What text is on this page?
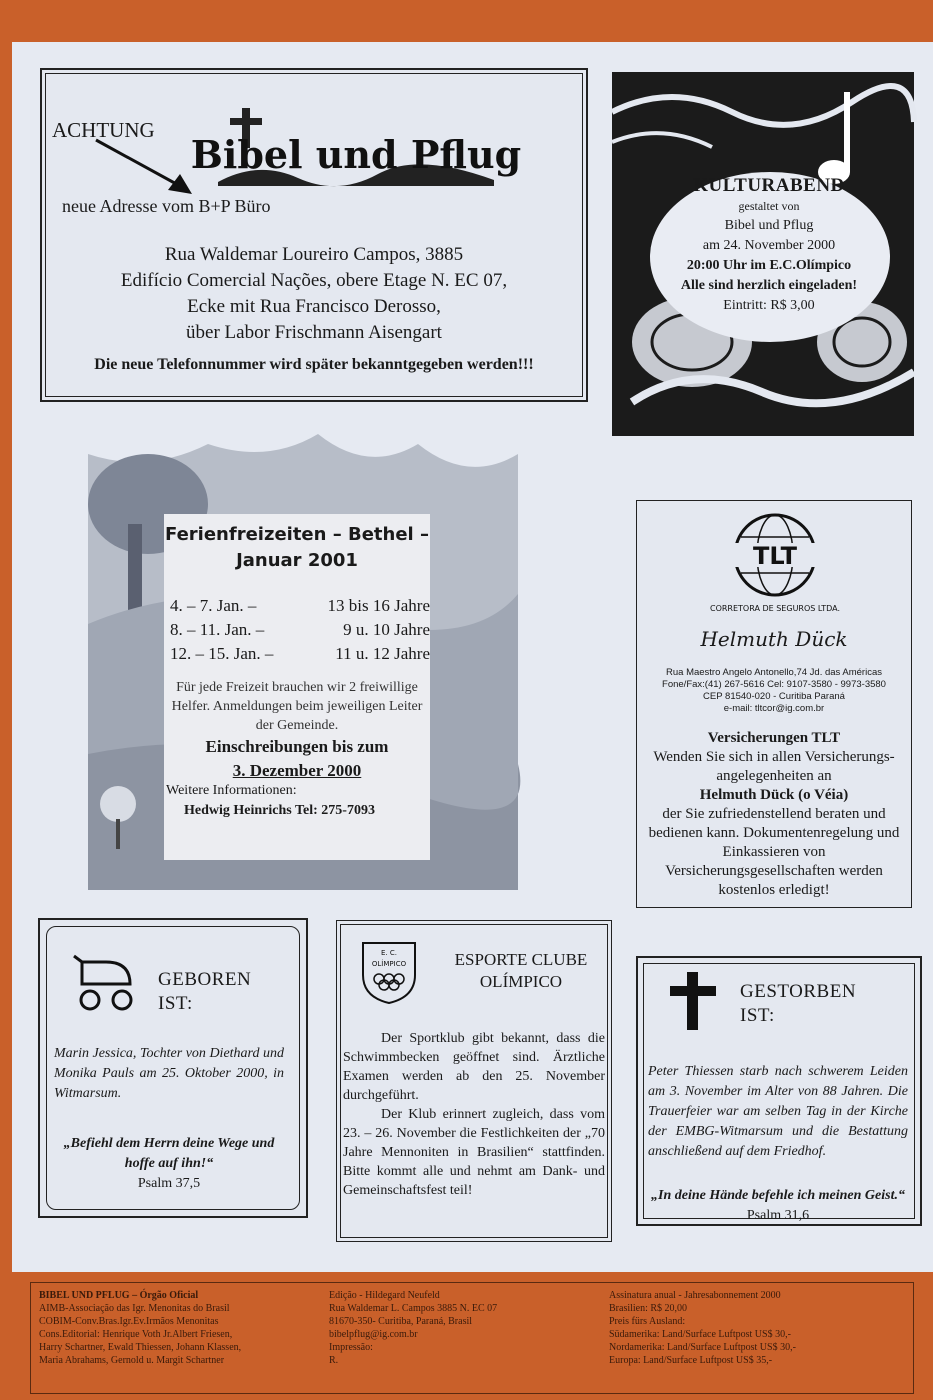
ACHTUNG
Bibel und Pflug
neue Adresse vom B+P Büro
Rua Waldemar Loureiro Campos, 3885
Edifício Comercial Nações, obere Etage N. EC 07,
Ecke mit Rua Francisco Derosso,
über Labor Frischmann Aisengart
Die neue Telefonnummer wird später bekanntgegeben werden!!!
KULTURABEND
gestaltet von
Bibel und Pflug
am 24. November 2000
20:00 Uhr im E.C.Olímpico
Alle sind herzlich eingeladen!
Eintritt: R$ 3,00
Ferienfreizeiten – Bethel –
Januar 2001
4. – 7. Jan. –	13 bis 16 Jahre
8. – 11. Jan. –	9 u. 10 Jahre
12. – 15. Jan. –	11 u. 12 Jahre
Für jede Freizeit brauchen wir 2 freiwillige Helfer. Anmeldungen beim jeweiligen Leiter der Gemeinde.
Einschreibungen bis zum
3. Dezember 2000
Weitere Informationen:
Hedwig Heinrichs Tel: 275-7093
TLT
CORRETORA DE SEGUROS LTDA.
Helmuth Dück
Rua Maestro Angelo Antonello,74 Jd. das Américas
Fone/Fax:(41) 267-5616 Cel: 9107-3580 - 9973-3580
CEP 81540-020 - Curitiba Paraná
e-mail: tltcor@ig.com.br
Versicherungen TLT
Wenden Sie sich in allen Versicherungs-angelegenheiten an
Helmuth Dück (o Véia)
der Sie zufriedenstellend beraten und bedienen kann. Dokumentenregelung und Einkassieren von Versicherungsgesellschaften werden kostenlos erledigt!
GEBOREN
IST:
Marin Jessica, Tochter von Diethard und Monika Pauls am 25. Oktober 2000, in Witmarsum.
„Befiehl dem Herrn deine Wege und hoffe auf ihn!“
Psalm 37,5
E. C.
OLÍMPICO	ESPORTE CLUBE
OLÍMPICO

Der Sportklub gibt bekannt, dass die Schwimmbecken geöffnet sind. Ärztliche Examen werden ab den 25. November durchgeführt.

Der Klub erinnert zugleich, dass vom 23. – 26. November die Festlichkeiten der „70 Jahre Mennoniten in Brasilien“ stattfinden. Bitte kommt alle und nehmt am Dank- und Gemeinschaftsfest teil!

GESTORBEN
IST:
Peter Thiessen starb nach schwerem Leiden am 3. November im Alter von 88 Jahren. Die Trauerfeier war am selben Tag in der Kirche der EMBG-Witmarsum und die Bestattung anschließend auf dem Friedhof.
„In deine Hände befehle ich meinen Geist.“ Psalm 31,6
BIBEL UND PFLUG – Órgão Oficial
AIMB-Associação das Igr. Menonitas do Brasil
COBIM-Conv.Bras.Igr.Ev.Irmãos Menonitas
Cons.Editorial: Henrique Voth Jr.Albert Friesen,
Harry Schartner, Ewald Thiessen, Johann Klassen,
Maria Abrahams, Gernold u. Margit Schartner
Edição - Hildegard Neufeld
Rua Waldemar L. Campos 3885 N. EC 07
81670-350- Curitiba, Paraná, Brasil
bibelpflug@ig.com.br
Impressão:
R.
Assinatura anual - Jahresabonnement 2000
Brasilien: R$ 20,00
Preis fürs Ausland:
Südamerika: Land/Surface Luftpost US$ 30,-
Nordamerika: Land/Surface Luftpost US$ 30,-
Europa: Land/Surface Luftpost US$ 35,-
